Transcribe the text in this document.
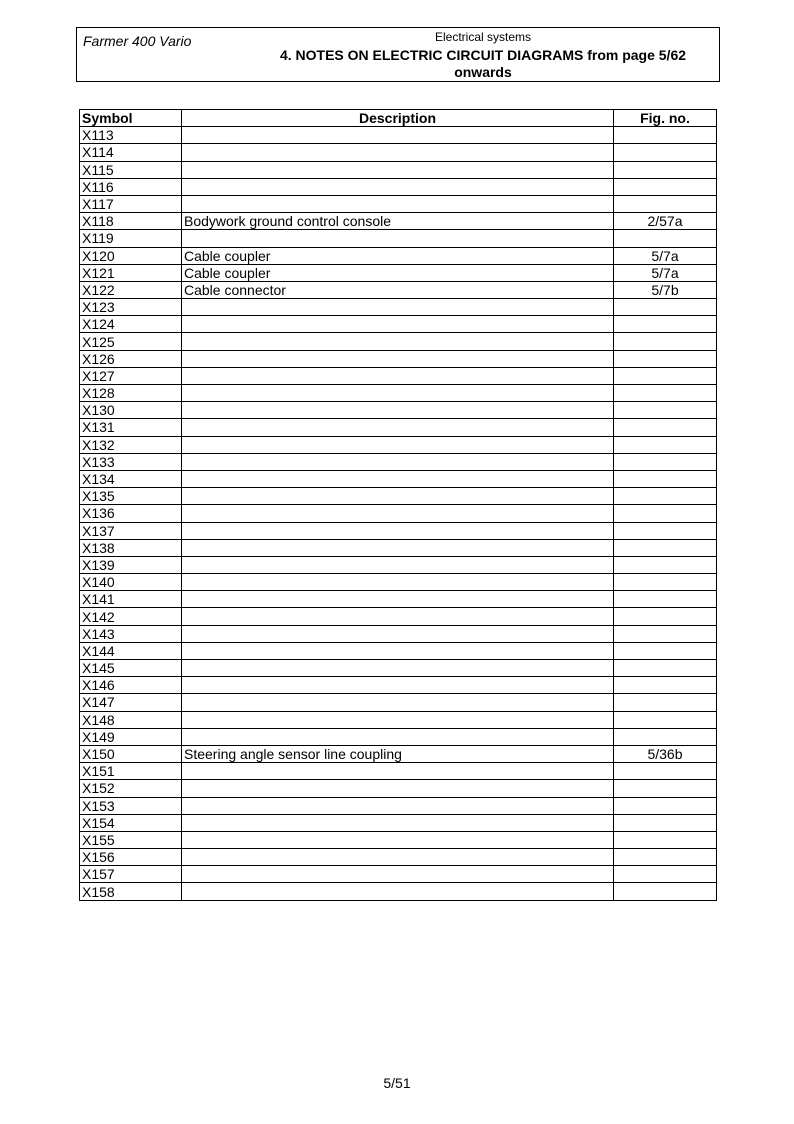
Farmer 400 Vario	Electrical systems
4. NOTES ON ELECTRIC CIRCUIT DIAGRAMS from page 5/62
onwards
Symbol	Description	Fig. no.
X113		
X114		
X115		
X116		
X117		
X118	Bodywork ground control console	2/57a
X119		
X120	Cable coupler	5/7a
X121	Cable coupler	5/7a
X122	Cable connector	5/7b
X123		
X124		
X125		
X126		
X127		
X128		
X130		
X131		
X132		
X133		
X134		
X135		
X136		
X137		
X138		
X139		
X140		
X141		
X142		
X143		
X144		
X145		
X146		
X147		
X148		
X149		
X150	Steering angle sensor line coupling	5/36b
X151		
X152		
X153		
X154		
X155		
X156		
X157		
X158		
5/51
